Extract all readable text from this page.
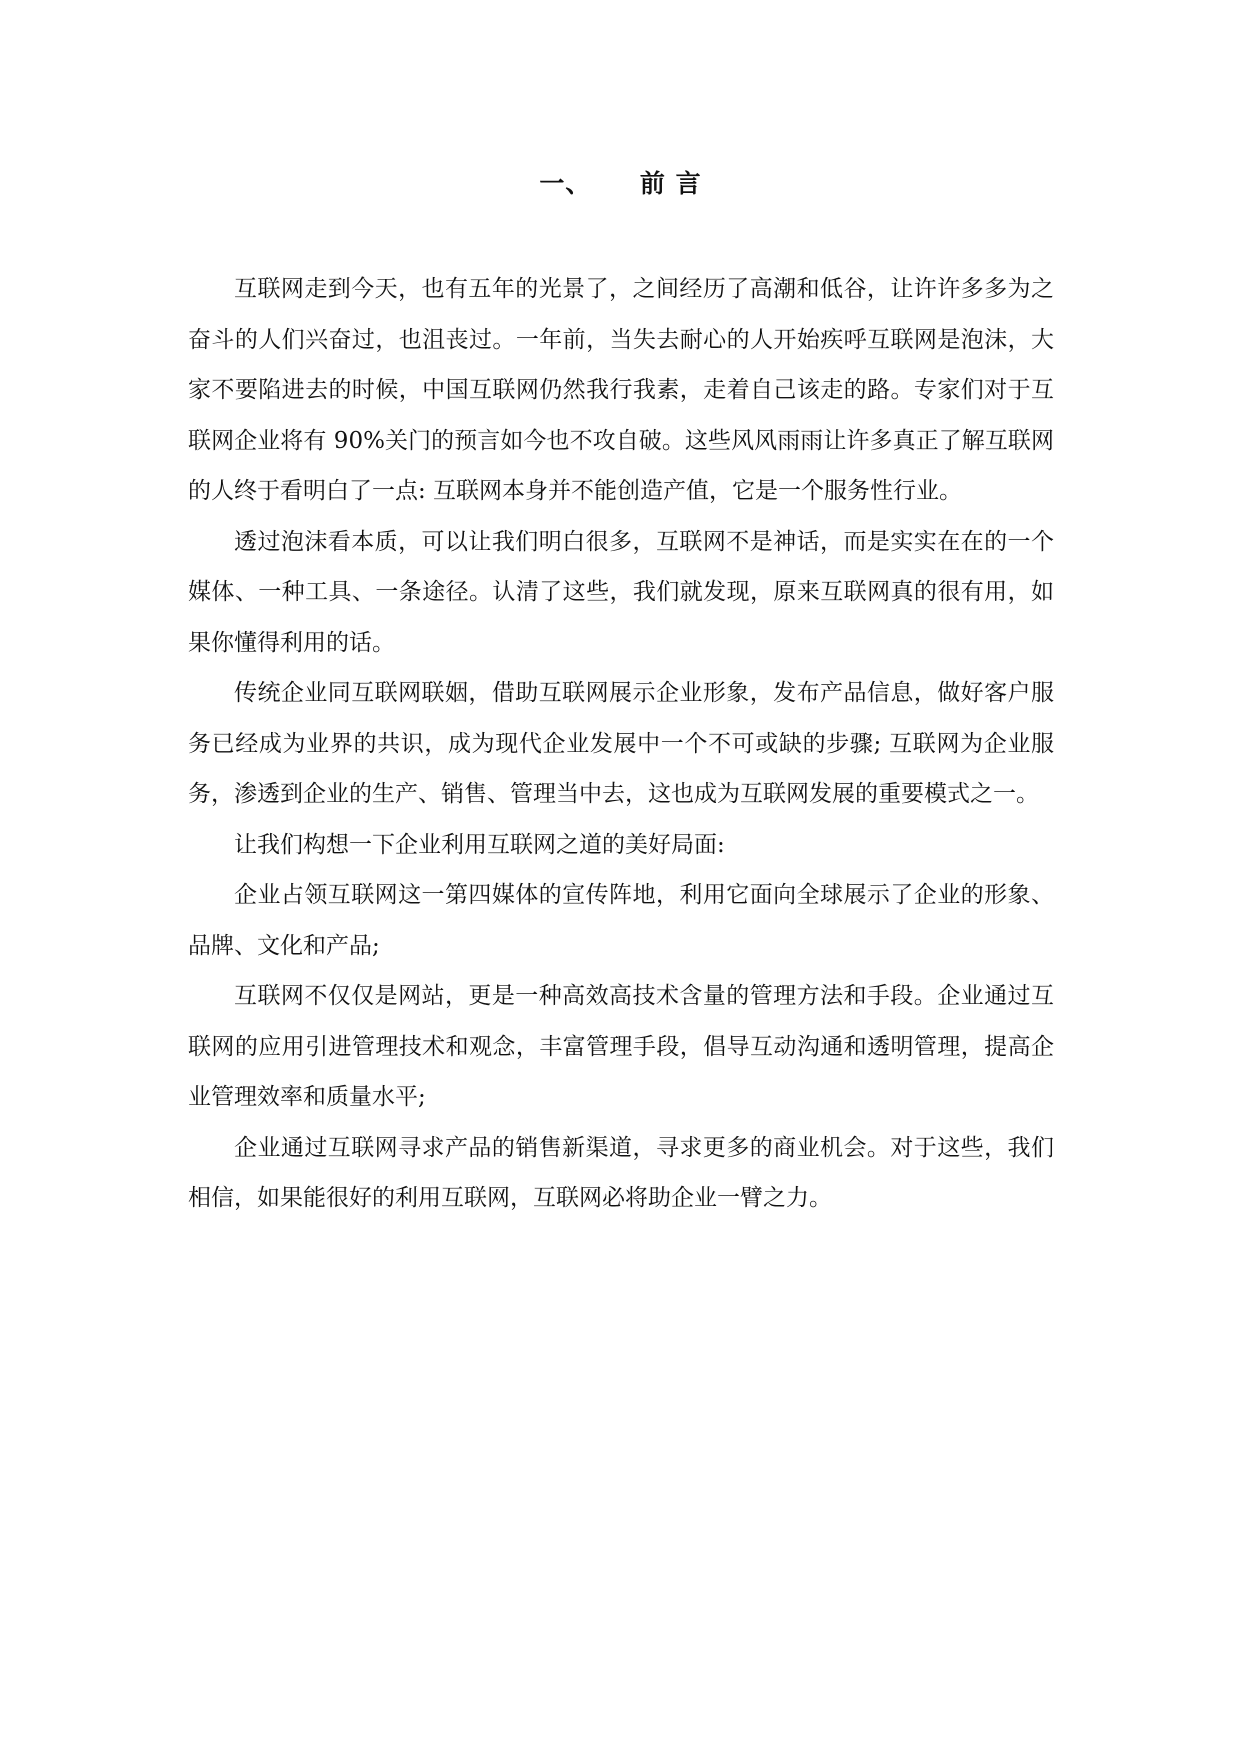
一、     前 言

互联网走到今天，也有五年的光景了，之间经历了高潮和低谷，让许许多多为之奋斗的人们兴奋过，也沮丧过。一年前，当失去耐心的人开始疾呼互联网是泡沫，大家不要陷进去的时候，中国互联网仍然我行我素，走着自己该走的路。专家们对于互联网企业将有 90%关门的预言如今也不攻自破。这些风风雨雨让许多真正了解互联网的人终于看明白了一点: 互联网本身并不能创造产值，它是一个服务性行业。

透过泡沫看本质，可以让我们明白很多，互联网不是神话，而是实实在在的一个媒体、一种工具、一条途径。认清了这些，我们就发现，原来互联网真的很有用，如果你懂得利用的话。

传统企业同互联网联姻，借助互联网展示企业形象，发布产品信息，做好客户服务已经成为业界的共识，成为现代企业发展中一个不可或缺的步骤; 互联网为企业服务，渗透到企业的生产、销售、管理当中去，这也成为互联网发展的重要模式之一。

让我们构想一下企业利用互联网之道的美好局面:

企业占领互联网这一第四媒体的宣传阵地，利用它面向全球展示了企业的形象、品牌、文化和产品;

互联网不仅仅是网站，更是一种高效高技术含量的管理方法和手段。企业通过互联网的应用引进管理技术和观念，丰富管理手段，倡导互动沟通和透明管理，提高企业管理效率和质量水平;

企业通过互联网寻求产品的销售新渠道，寻求更多的商业机会。对于这些，我们相信，如果能很好的利用互联网，互联网必将助企业一臂之力。
